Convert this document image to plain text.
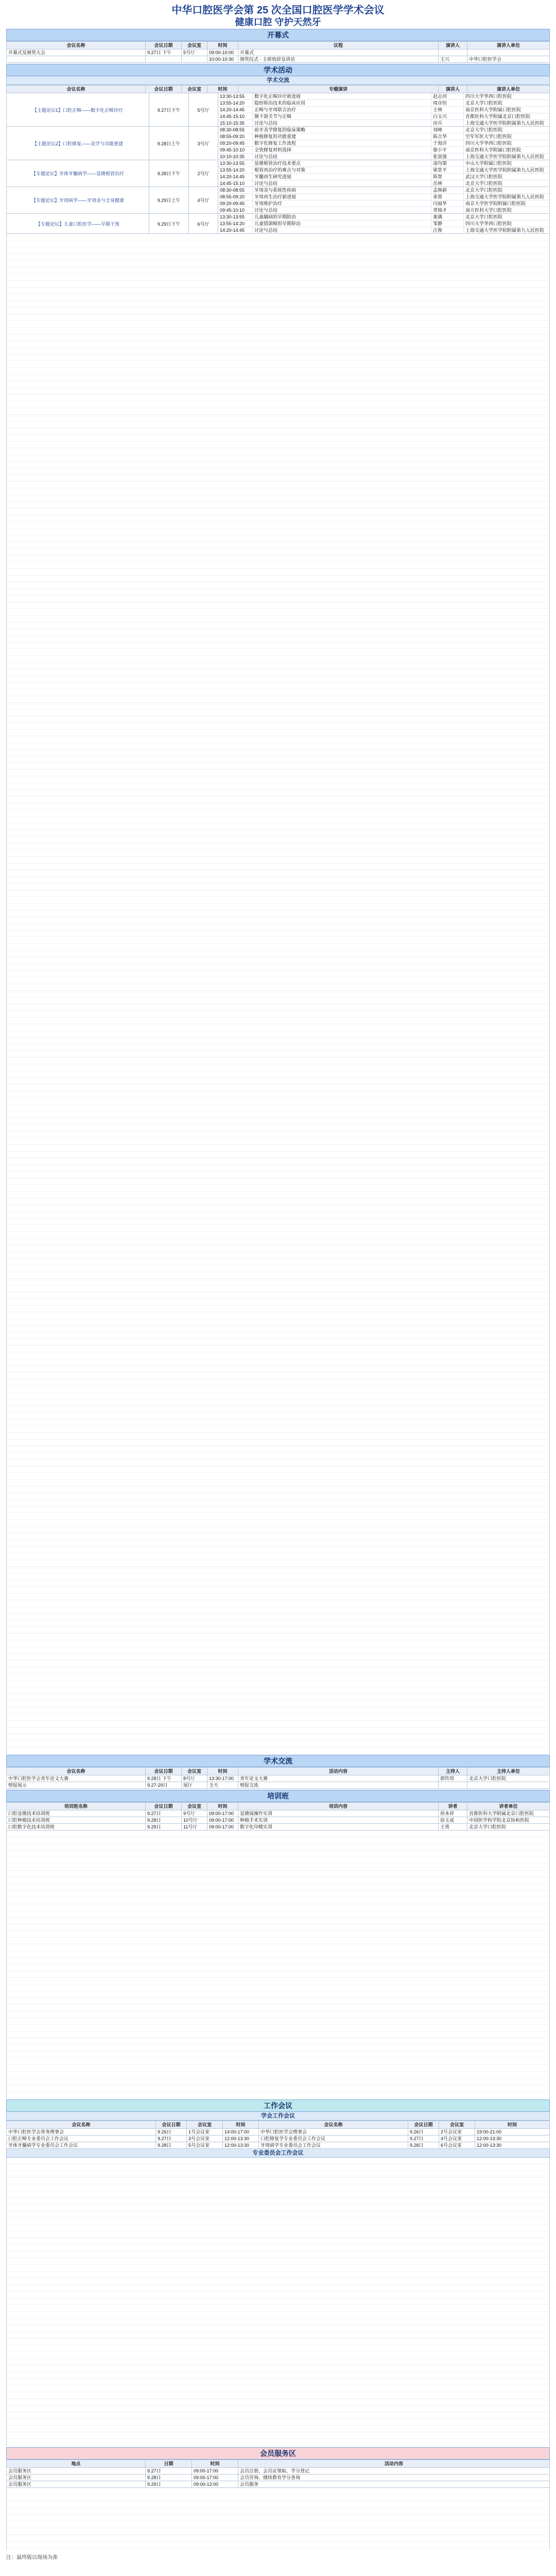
中华口腔医学会第 25 次全国口腔医学学术会议
健康口腔 守护天然牙
开幕式
会议名称	会议日期	会议室	时间	议程	演讲人	演讲人单位
开幕式及颁奖大会	9.27日 下午	5号厅	09:00-10:00	开幕式		
			10:00-10:30	颁奖仪式 · 主席致辞及讲话	王兴	中华口腔医学会
学术活动
学术交流
会议名称	会议日期	会议室	时间	专题演讲	演讲人	演讲人单位
【主题论坛1】口腔正畸——数字化正畸诊疗	9.27日下午	5号厅
13:30-13:55	数字化正畸诊疗新进展	赵志河	四川大学华西口腔医院
13:55-14:20	隐形矫治技术的临床应用	周彦恒	北京大学口腔医院
14:20-14:45	正畸与牙周联合治疗	王林	南京医科大学附属口腔医院
14:45-15:10	颞下颌关节与正畸	白玉兴	首都医科大学附属北京口腔医院
15:10-15:35	讨论与总结	房兵	上海交通大学医学院附属第九人民医院
【主题论坛2】口腔修复——美学与功能重建	9.28日上午	3号厅
08:30-08:55	前牙美学修复的临床策略	刘峰	北京大学口腔医院
08:55-09:20	种植修复的功能重建	陈吉华	空军军医大学口腔医院
09:20-09:45	数字化修复工作流程	于海洋	四川大学华西口腔医院
09:45-10:10	全瓷修复材料选择	骆小平	南京医科大学附属口腔医院
10:10-10:35	讨论与总结	张富强	上海交通大学医学院附属第九人民医院
【专题论坛】牙体牙髓病学——显微根管治疗	9.28日下午	2号厅
13:30-13:55	显微根管治疗技术要点	凌均棨	中山大学附属口腔医院
13:55-14:20	根管再治疗的难点与对策	梁景平	上海交通大学医学院附属第九人民医院
14:20-14:45	牙髓再生研究进展	陈智	武汉大学口腔医院
14:45-15:10	讨论与总结	岳林	北京大学口腔医院
【专题论坛】牙周病学——牙周炎与全身健康	9.29日上午	4号厅
08:30-08:55	牙周炎与系统性疾病	孟焕新	北京大学口腔医院
08:55-09:20	牙周再生治疗新进展	束蓉	上海交通大学医学院附属第九人民医院
09:20-09:45	牙周维护治疗	闫福华	南京大学医学院附属口腔医院
09:45-10:10	讨论与总结	章锦才	南方医科大学口腔医院
【专题论坛】儿童口腔医学——早期干预	9.29日下午	6号厅
13:30-13:55	儿童龋病的早期防治	秦满	北京大学口腔医院
13:55-14:20	儿童错颌畸形早期矫治	邹静	四川大学华西口腔医院
14:20-14:45	讨论与总结	汪俊	上海交通大学医学院附属第九人民医院
学术交流
会议名称	会议日期	会议室	时间	活动内容	主持人	主持人单位
中华口腔医学会青年论文大赛	9.28日 下午	8号厅	13:30-17:00	青年论文大赛	郭传瑸	北京大学口腔医院
壁报展示	9.27-29日	展厅	全天	壁报交流		
培训班
培训班名称	会议日期	会议室	时间	培训内容	讲者	讲者单位
口腔显微技术培训班	9.27日	9号厅	09:00-17:00	显微镜操作实训	侯本祥	首都医科大学附属北京口腔医院
口腔种植技术培训班	9.28日	10号厅	09:00-17:00	种植手术实训	宿玉成	中国医学科学院北京协和医院
口腔数字化技术培训班	9.29日	11号厅	09:00-17:00	数字化印模实训	王勇	北京大学口腔医院
工作会议
学会工作会议
会议名称	会议日期	会议室	时间	会议名称	会议日期	会议室	时间
中华口腔医学会常务理事会	9.26日	1号会议室	14:00-17:00	中华口腔医学会理事会	9.26日	2号会议室	19:00-21:00
口腔正畸专业委员会工作会议	9.27日	3号会议室	12:00-13:30	口腔修复学专业委员会工作会议	9.27日	4号会议室	12:00-13:30
牙体牙髓病学专业委员会工作会议	9.28日	5号会议室	12:00-13:30	牙周病学专业委员会工作会议	9.28日	6号会议室	12:00-13:30
专业委员会工作会议
会员服务区
地点	日期	时间	活动内容
会员服务区	9.27日	09:00-17:00	会员注册、会员证领取、学分登记
会员服务区	9.28日	09:00-17:00	会员咨询、继续教育学分查询
会员服务区	9.29日	09:00-12:00	会员服务
注：最终版以现场为准
